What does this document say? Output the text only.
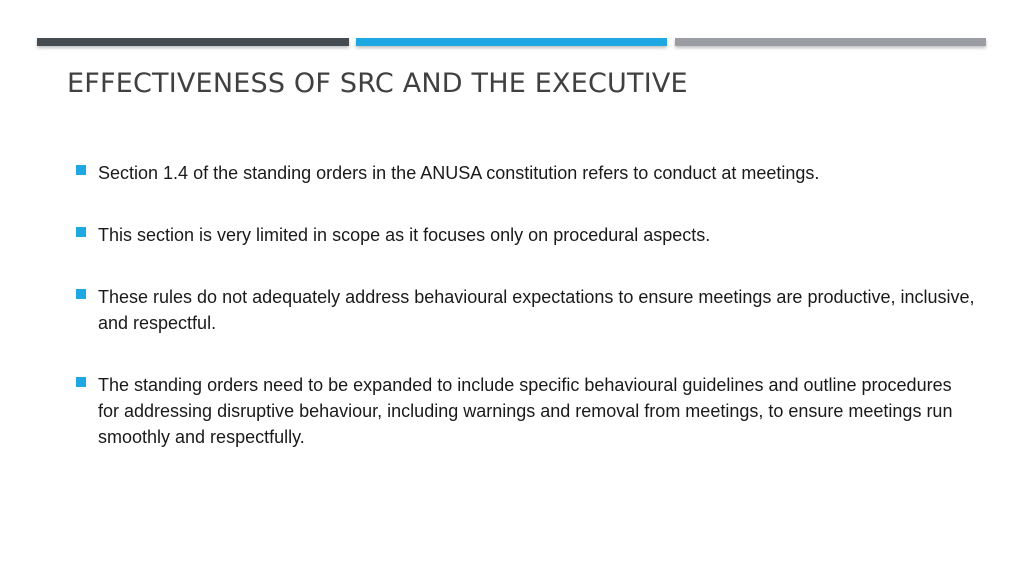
EFFECTIVENESS OF SRC AND THE EXECUTIVE
Section 1.4 of the standing orders in the ANUSA constitution refers to conduct at meetings.
This section is very limited in scope as it focuses only on procedural aspects.
These rules do not adequately address behavioural expectations to ensure meetings are productive, inclusive, and respectful.
The standing orders need to be expanded to include specific behavioural guidelines and outline procedures for addressing disruptive behaviour, including warnings and removal from meetings, to ensure meetings run smoothly and respectfully.
